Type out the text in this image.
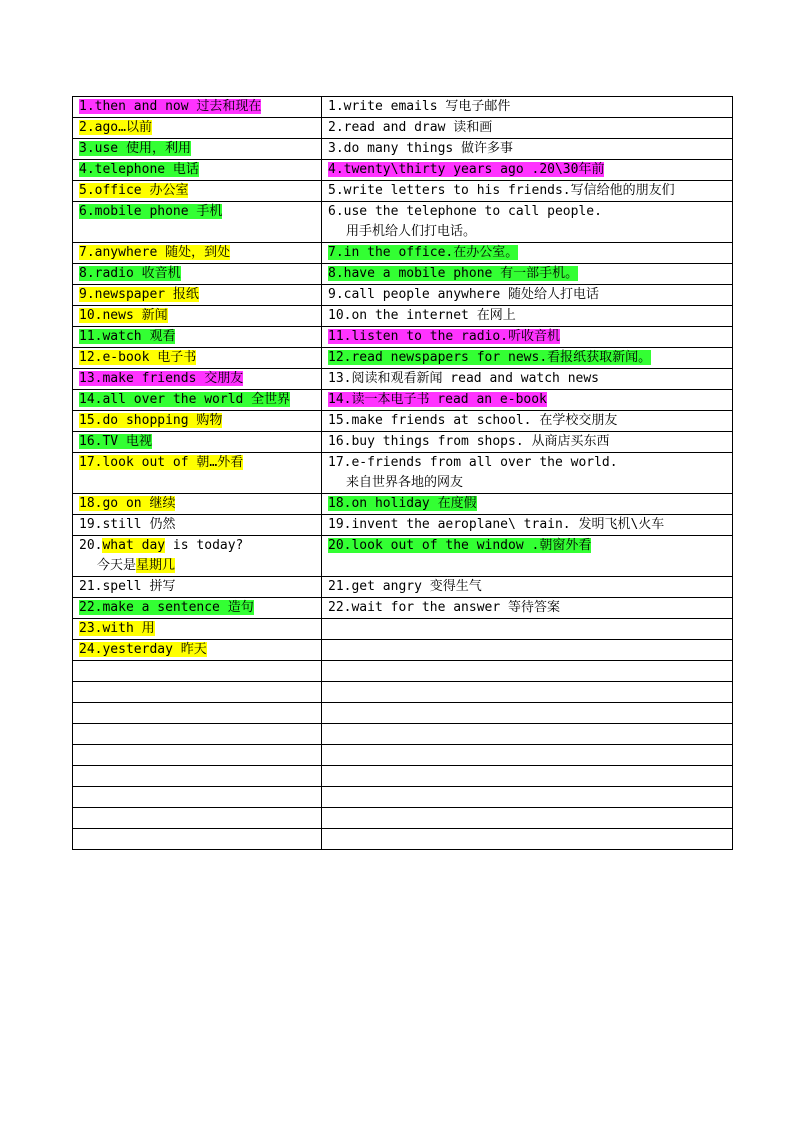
1.then and now 过去和现在	1.write emails 写电子邮件
2.ago…以前	2.read and draw 读和画
3.use 使用，利用	3.do many things 做许多事
4.telephone 电话	4.twenty\thirty years ago .20\30年前
5.office 办公室	5.write letters to his friends.写信给他的朋友们
6.mobile phone 手机	6.use the telephone to call people.
用手机给人们打电话。

7.anywhere 随处，到处	7.in the office.在办公室。
8.radio 收音机	8.have a mobile phone 有一部手机。
9.newspaper 报纸	9.call people anywhere 随处给人打电话
10.news 新闻	10.on the internet 在网上
11.watch 观看	11.listen to the radio.听收音机
12.e-book 电子书	12.read newspapers for news.看报纸获取新闻。
13.make friends 交朋友	13.阅读和观看新闻 read and watch news
14.all over the world 全世界	14.读一本电子书 read an e-book
15.do shopping 购物	15.make friends at school. 在学校交朋友
16.TV 电视	16.buy things from shops. 从商店买东西
17.look out of 朝…外看	17.e-friends from all over the world.
来自世界各地的网友

18.go on 继续	18.on holiday 在度假
19.still 仍然	19.invent the aeroplane\ train. 发明飞机\火车
20.what day is today?
今天是星期几	20.look out of the window .朝窗外看
21.spell 拼写	21.get angry 变得生气
22.make a sentence 造句	22.wait for the answer 等待答案
23.with 用	
24.yesterday 昨天	
